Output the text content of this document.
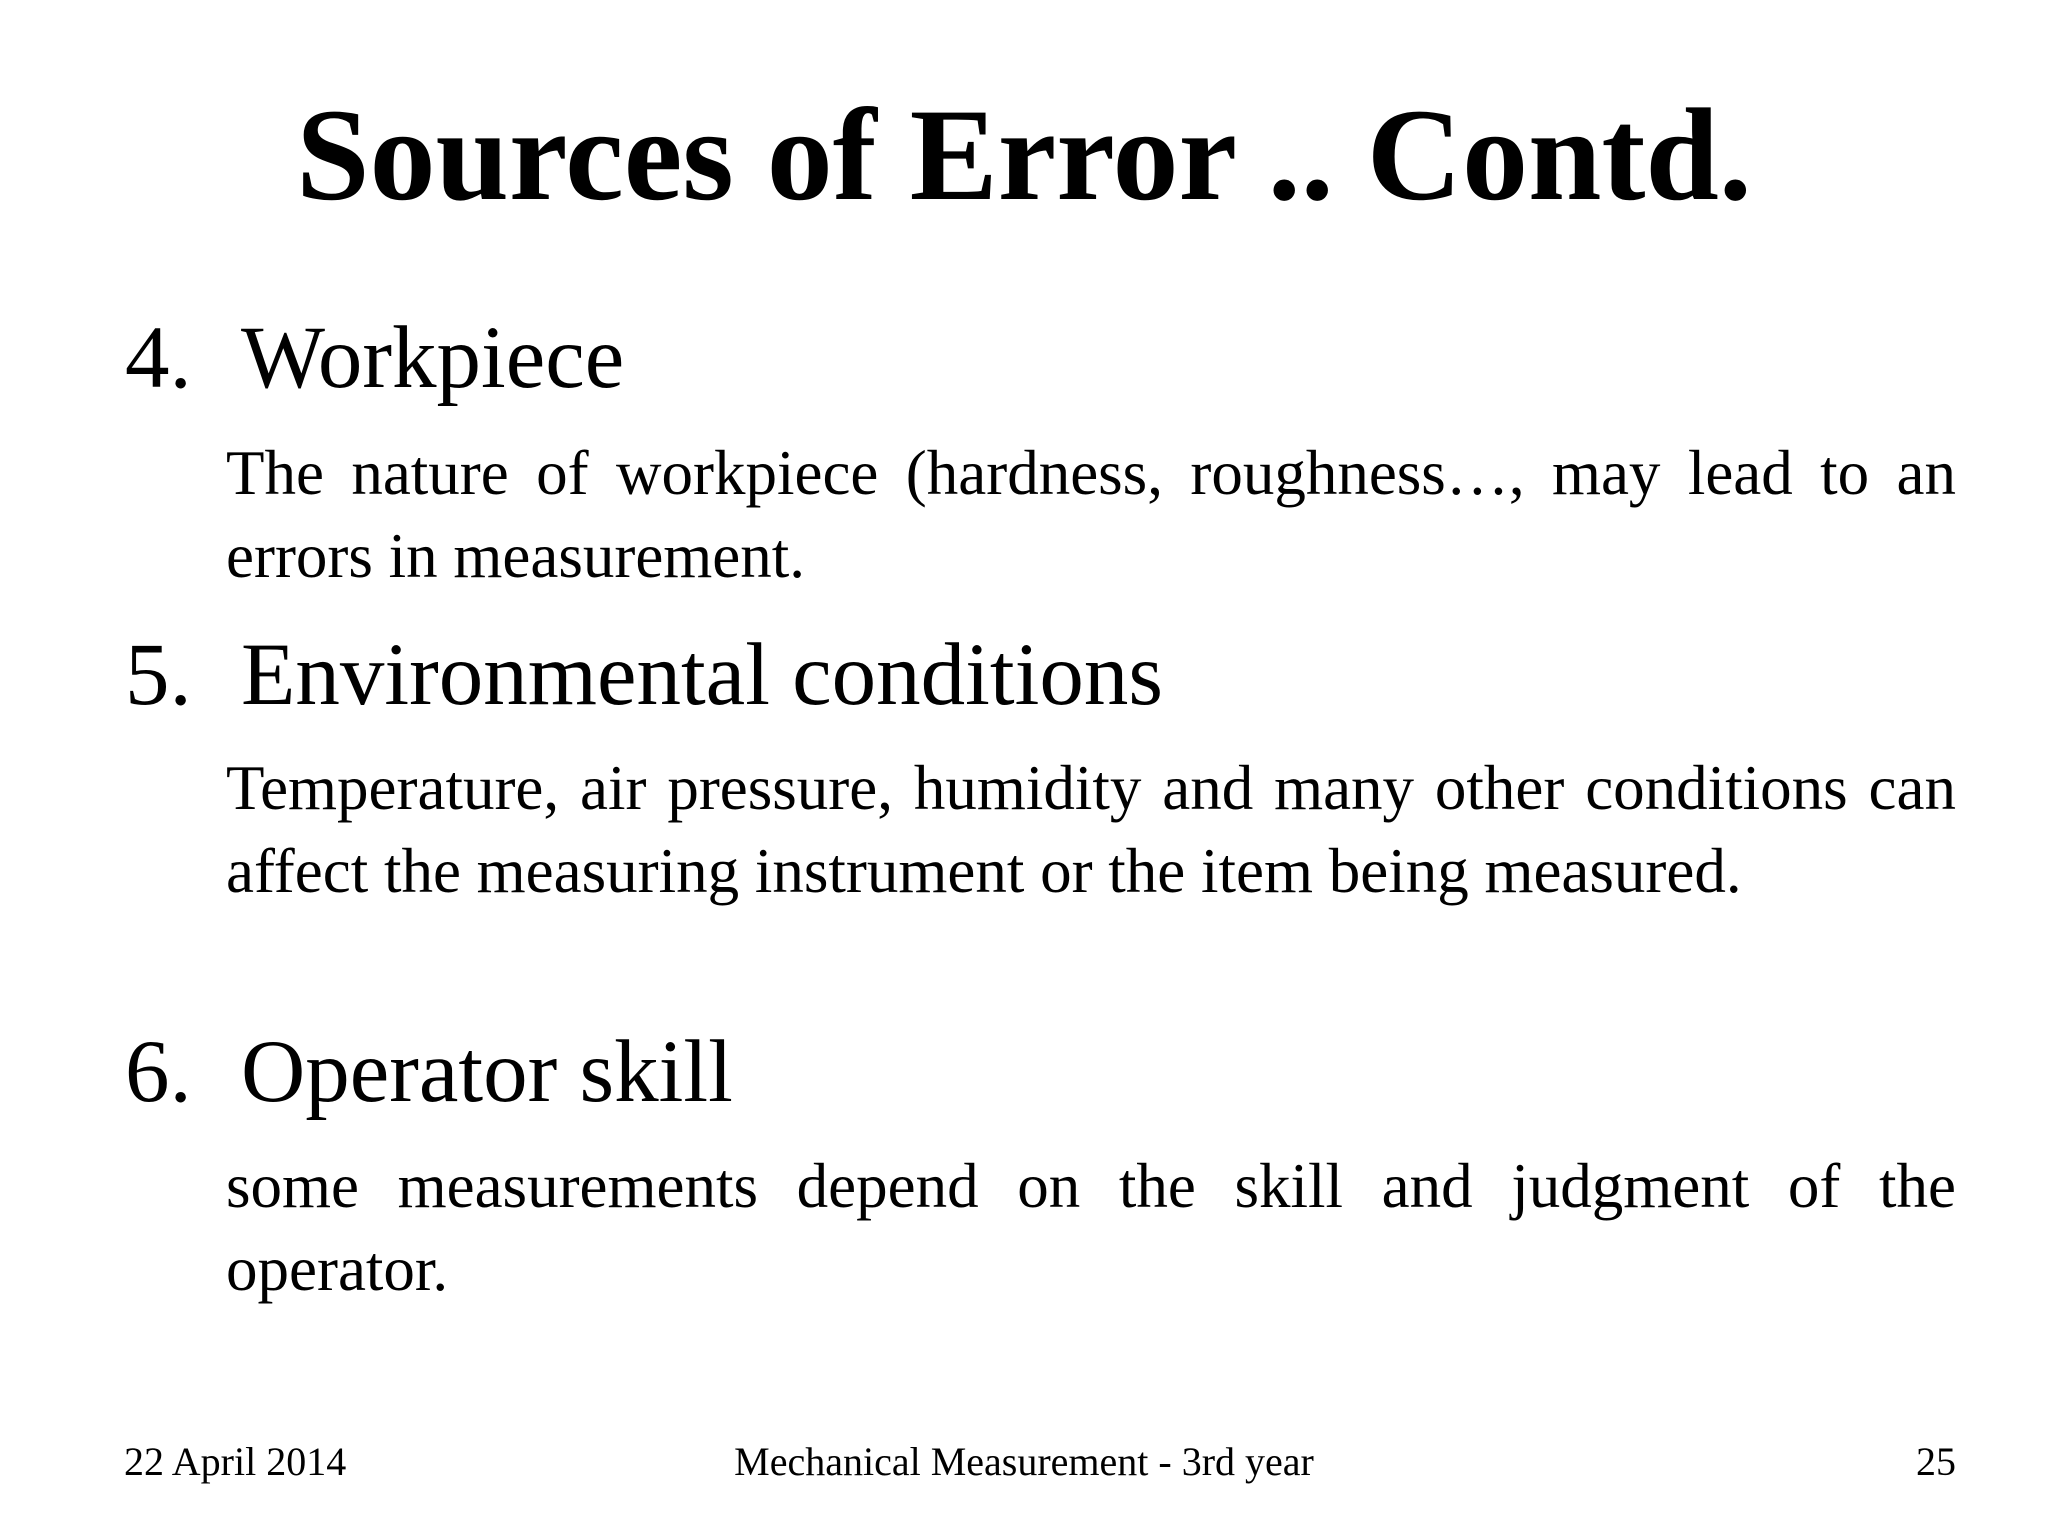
Sources of Error .. Contd.
4. Workpiece

The nature of workpiece (hardness, roughness…, may lead to an errors in measurement.

5. Environmental conditions

Temperature, air pressure, humidity and many other conditions can affect the measuring instrument or the item being measured.

6. Operator skill

some measurements depend on the skill and judgment of the operator.

Mechanical Measurement - 3rd year
22 April 2014	25
